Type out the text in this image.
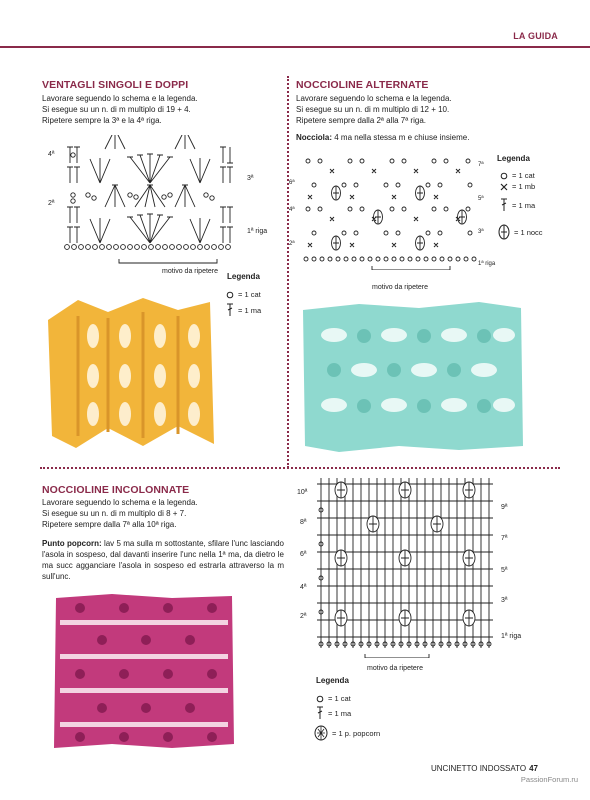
LA GUIDA
VENTAGLI SINGOLI E DOPPI

Lavorare seguendo lo schema e la legenda.

Si esegue su un n. di m multiplo di 19 + 4.

Ripetere sempre la 3ª e la 4ª riga.

4ª
3ª
2ª
1ª riga
motivo da ripetere
Legenda
= 1 cat
= 1 ma
NOCCIOLINE ALTERNATE

Lavorare seguendo lo schema e la legenda.

Si esegue su un n. di m multiplo di 12 + 10.

Ripetere sempre dalla 2ª alla 7ª riga.

Nocciola: 4 ma nella stessa m e chiuse insieme.

6ª
4ª
2ª
7ª
5ª
3ª
1ª riga
motivo da ripetere
Legenda
= 1 cat
= 1 mb
= 1 ma
= 1 nocc
NOCCIOLINE INCOLONNATE

Lavorare seguendo lo schema e la legenda.

Si esegue su un n. di m multiplo di 8 + 7.

Ripetere sempre dalla 7ª alla 10ª riga.

Punto popcorn: lav 5 ma sulla m sottostante, sfilare l'unc lasciando l'asola in sospeso, dal davanti inserire l'unc nella 1ª ma, da dietro le ma succ agganciare l'asola in sospeso ed estrarla attraverso la m sull'unc.

10ª
8ª
6ª
4ª
2ª
9ª
7ª
5ª
3ª
1ª riga
motivo da ripetere
Legenda
= 1 cat
= 1 ma
= 1 p. popcorn
UNCINETTO INDOSSATO 47
PassionForum.ru
